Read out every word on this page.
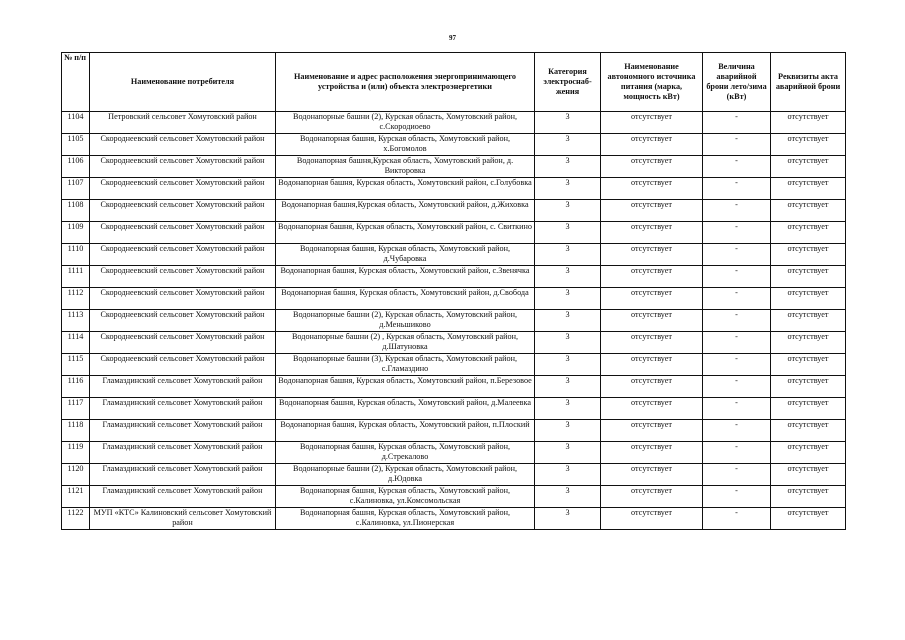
97
№ п/п	Наименование потребителя	Наименование и адрес расположения энергопринимающего устройства и (или) объекта электроэнергетики	Категория электроснаб-жения	Наименование автономного источника питания (марка, мощность кВт)	Величина аварийной брони лето/зима (кВт)	Реквизиты акта аварийной брони
1104	Петровский сельсовет Хомутовский район	Водонапорные башни (2), Курская область, Хомутовский район, с.Скородиоево	3	отсутствует	-	отсутствует
1105	Скороднеевский сельсовет Хомутовский район	Водонапорная башня, Курская область, Хомутовский район, х.Богомолов	3	отсутствует	-	отсутствует
1106	Скороднеевский сельсовет Хомутовский район	Водонапорная башня,Курская область, Хомутовский район, д. Викторовка	3	отсутствует	-	отсутствует
1107	Скороднеевский сельсовет Хомутовский район	Водонапорная башня, Курская область, Хомутовский район, с.Голубовка	3	отсутствует	-	отсутствует
1108	Скороднеевский сельсовет Хомутовский район	Водонапорная башня,Курская область, Хомутовский район, д.Жиховка	3	отсутствует	-	отсутствует
1109	Скороднеевский сельсовет Хомутовский район	Водонапорная башня, Курская область, Хомутовский район, с. Свиткино	3	отсутствует	-	отсутствует
1110	Скороднеевский сельсовет Хомутовский район	Водонапорная башня, Курская область, Хомутовский район, д.Чубаровка	3	отсутствует	-	отсутствует
1111	Скороднеевский сельсовет Хомутовский район	Водонапорная башня, Курская область, Хомутовский район, с.Звенячка	3	отсутствует	-	отсутствует
1112	Скороднеевский сельсовет Хомутовский район	Водонапорная башня, Курская область, Хомутовский район, д.Свобода	3	отсутствует	-	отсутствует
1113	Скороднеевский сельсовет Хомутовский район	Водонапорные башни (2), Курская область, Хомутовский район, д.Меньшиково	3	отсутствует	-	отсутствует
1114	Скороднеевский сельсовет Хомутовский район	Водонапорные башни (2) , Курская область, Хомутовский район, д.Шатуновка	3	отсутствует	-	отсутствует
1115	Скороднеевский сельсовет Хомутовский район	Водонапорные башни (3), Курская область, Хомутовский район, с.Гламаздино	3	отсутствует	-	отсутствует
1116	Гламаздинский сельсовет Хомутовский район	Водонапорная башня, Курская область, Хомутовский район, п.Березовое	3	отсутствует	-	отсутствует
1117	Гламаздинский сельсовет Хомутовский район	Водонапорная башня, Курская область, Хомутовский район, д.Малеевка	3	отсутствует	-	отсутствует
1118	Гламаздинский сельсовет Хомутовский район	Водонапорная башня, Курская область, Хомутовский район, п.Плоский	3	отсутствует	-	отсутствует
1119	Гламаздинский сельсовет Хомутовский район	Водонапорная башня, Курская область, Хомутовский район, д.Стрекалово	3	отсутствует	-	отсутствует
1120	Гламаздинский сельсовет Хомутовский район	Водонапорные башни (2), Курская область, Хомутовский район, д.Юдовка	3	отсутствует	-	отсутствует
1121	Гламаздинский сельсовет Хомутовский район	Водонапорная башня, Курская область, Хомутовский район, с.Калиновка, ул.Комсомольская	3	отсутствует	-	отсутствует
1122	МУП «КТС» Калиновский сельсовет Хомутовский район	Водонапорная башня, Курская область, Хомутовский район, с.Калиновка, ул.Пионерская	3	отсутствует	-	отсутствует
